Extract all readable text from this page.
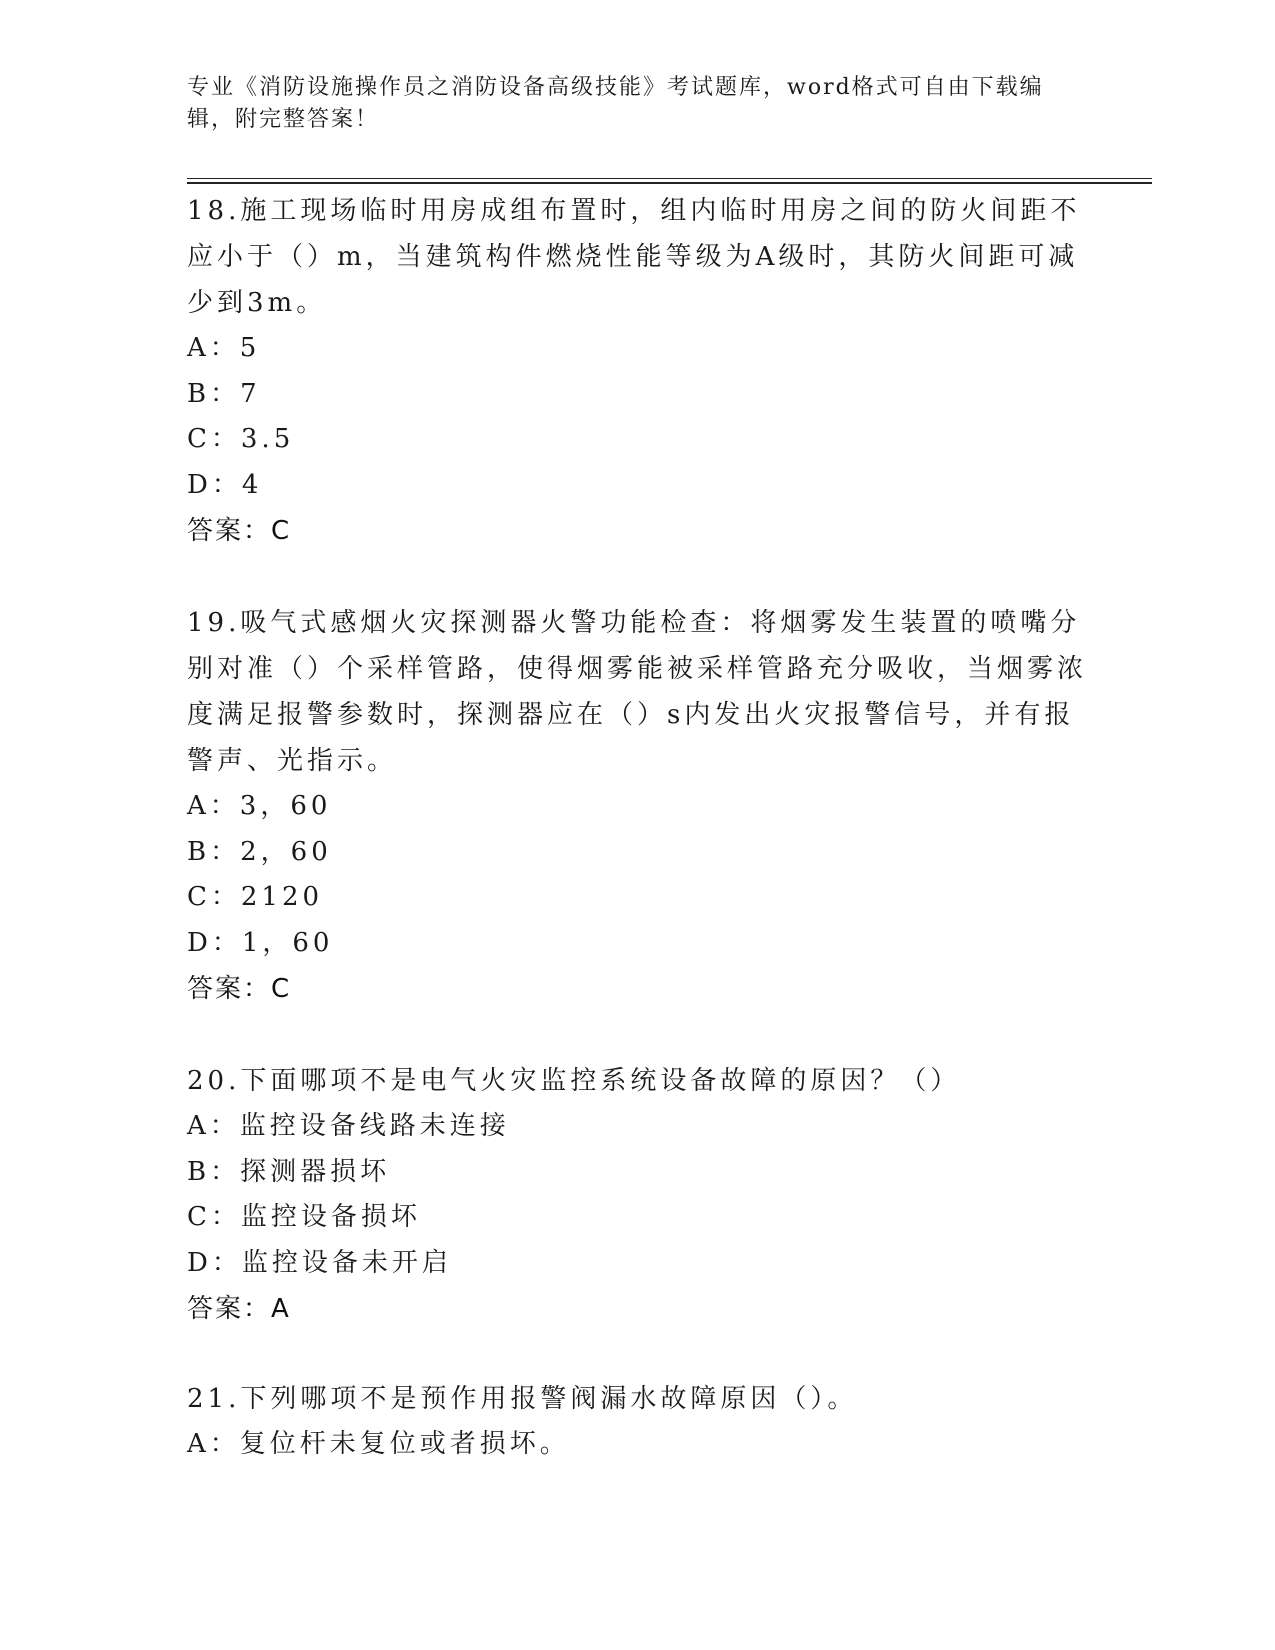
专业《消防设施操作员之消防设备高级技能》考试题库，word格式可自由下载编辑，附完整答案！
18.施工现场临时用房成组布置时，组内临时用房之间的防火间距不应小于（）m，当建筑构件燃烧性能等级为A级时，其防火间距可减少到3m。
A：5
B：7
C：3.5
D：4
答案：C
19.吸气式感烟火灾探测器火警功能检查：将烟雾发生装置的喷嘴分别对准（）个采样管路，使得烟雾能被采样管路充分吸收，当烟雾浓度满足报警参数时，探测器应在（）s内发出火灾报警信号，并有报警声、光指示。
A：3，60
B：2，60
C：2120
D：1，60
答案：C
20.下面哪项不是电气火灾监控系统设备故障的原因？（）
A：监控设备线路未连接
B：探测器损坏
C：监控设备损坏
D：监控设备未开启
答案：A
21.下列哪项不是预作用报警阀漏水故障原因（）。
A：复位杆未复位或者损坏。
